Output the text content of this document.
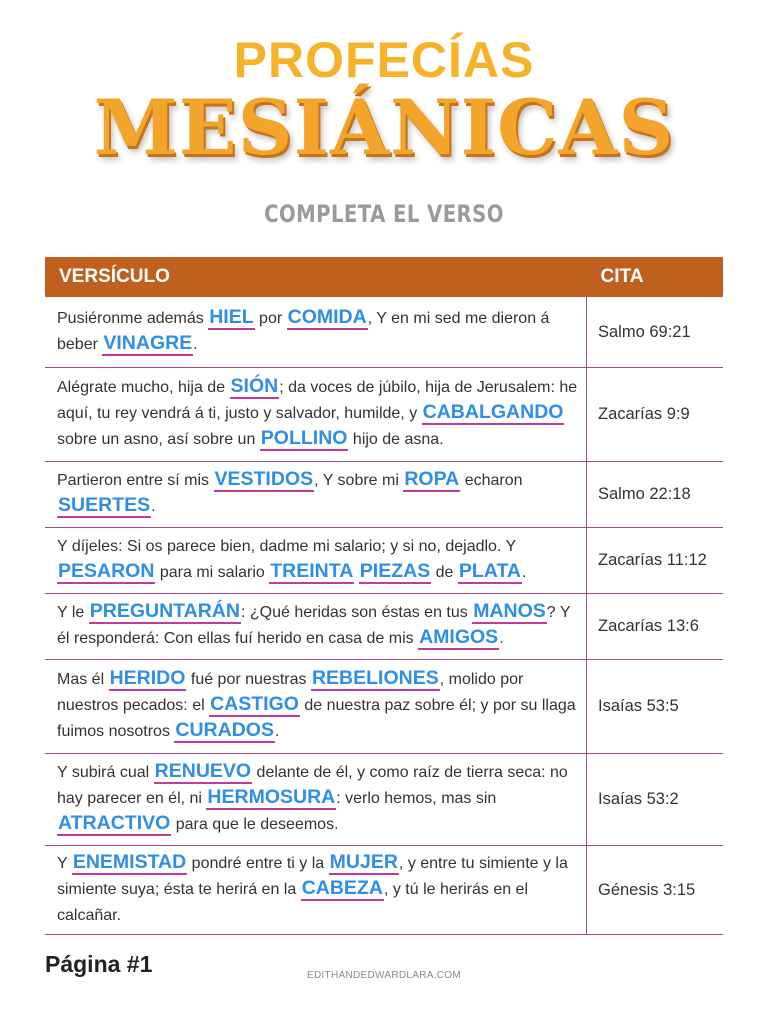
PROFECÍAS
MESIÁNICAS
COMPLETA EL VERSO
VERSÍCULO	CITA
Pusiéronme además HIEL por COMIDA, Y en mi sed me dieron á beber VINAGRE.	Salmo 69:21
Alégrate mucho, hija de SIÓN; da voces de júbilo, hija de Jerusalem: he aquí, tu rey vendrá á ti, justo y salvador, humilde, y CABALGANDO sobre un asno, así sobre un POLLINO hijo de asna.	Zacarías 9:9
Partieron entre sí mis VESTIDOS, Y sobre mi ROPA echaron SUERTES.	Salmo 22:18
Y díjeles: Si os parece bien, dadme mi salario; y si no, dejadlo. Y PESARON para mi salario TREINTA PIEZAS de PLATA.	Zacarías 11:12
Y le PREGUNTARÁN: ¿Qué heridas son éstas en tus MANOS? Y él responderá: Con ellas fuí herido en casa de mis AMIGOS.	Zacarías 13:6
Mas él HERIDO fué por nuestras REBELIONES, molido por nuestros pecados: el CASTIGO de nuestra paz sobre él; y por su llaga fuimos nosotros CURADOS.	Isaías 53:5
Y subirá cual RENUEVO delante de él, y como raíz de tierra seca: no hay parecer en él, ni HERMOSURA: verlo hemos, mas sin ATRACTIVO para que le deseemos.	Isaías 53:2
Y ENEMISTAD pondré entre ti y la MUJER, y entre tu simiente y la simiente suya; ésta te herirá en la CABEZA, y tú le herirás en el calcañar.	Génesis 3:15
Página #1	EDITHANDEDWARDLARA.COM
